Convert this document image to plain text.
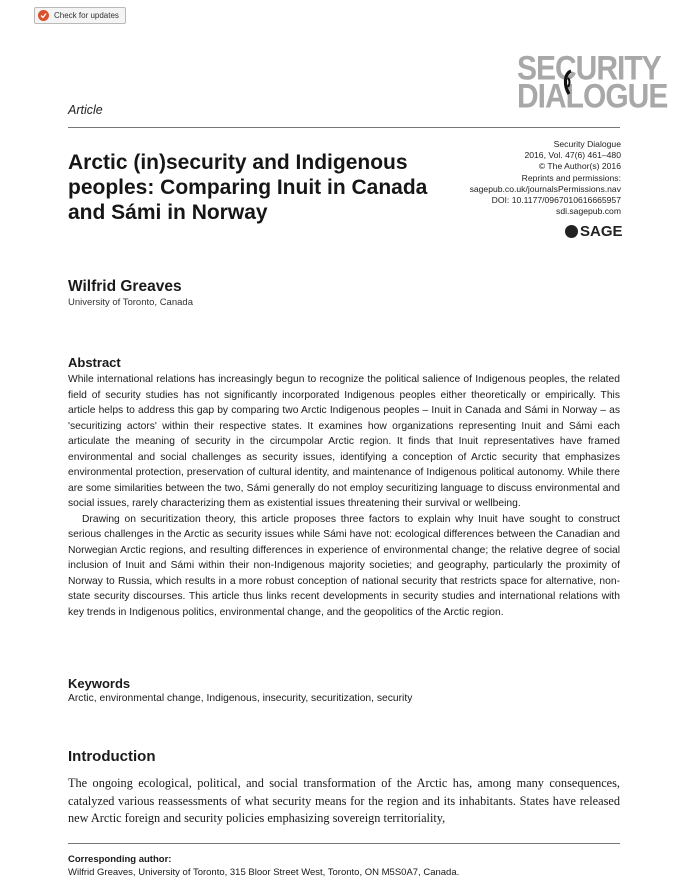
Check for updates
SECURITY
DIALOGUE
Article
Arctic (in)security and Indigenous peoples: Comparing Inuit in Canada and Sámi in Norway
Security Dialogue
2016, Vol. 47(6) 461–480
© The Author(s) 2016
Reprints and permissions:
sagepub.co.uk/journalsPermissions.nav
DOI: 10.1177/0967010616665957
sdi.sagepub.com
SAGE
Wilfrid Greaves
University of Toronto, Canada
Abstract

While international relations has increasingly begun to recognize the political salience of Indigenous peoples, the related field of security studies has not significantly incorporated Indigenous peoples either theoretically or empirically. This article helps to address this gap by comparing two Arctic Indigenous peoples – Inuit in Canada and Sámi in Norway – as 'securitizing actors' within their respective states. It examines how organizations representing Inuit and Sámi each articulate the meaning of security in the circumpolar Arctic region. It finds that Inuit representatives have framed environmental and social challenges as security issues, identifying a conception of Arctic security that emphasizes environmental protection, preservation of cultural identity, and maintenance of Indigenous political autonomy. While there are some similarities between the two, Sámi generally do not employ securitizing language to discuss environmental and social issues, rarely characterizing them as existential issues threatening their survival or wellbeing.

Drawing on securitization theory, this article proposes three factors to explain why Inuit have sought to construct serious challenges in the Arctic as security issues while Sámi have not: ecological differences between the Canadian and Norwegian Arctic regions, and resulting differences in experience of environmental change; the relative degree of social inclusion of Inuit and Sámi within their non-Indigenous majority societies; and geography, particularly the proximity of Norway to Russia, which results in a more robust conception of national security that restricts space for alternative, non-state security discourses. This article thus links recent developments in security studies and international relations with key trends in Indigenous politics, environmental change, and the geopolitics of the Arctic region.

Keywords
Arctic, environmental change, Indigenous, insecurity, securitization, security
Introduction
The ongoing ecological, political, and social transformation of the Arctic has, among many consequences, catalyzed various reassessments of what security means for the region and its inhabitants. States have released new Arctic foreign and security policies emphasizing sovereign territoriality,
Corresponding author:
Wilfrid Greaves, University of Toronto, 315 Bloor Street West, Toronto, ON M5S0A7, Canada.
